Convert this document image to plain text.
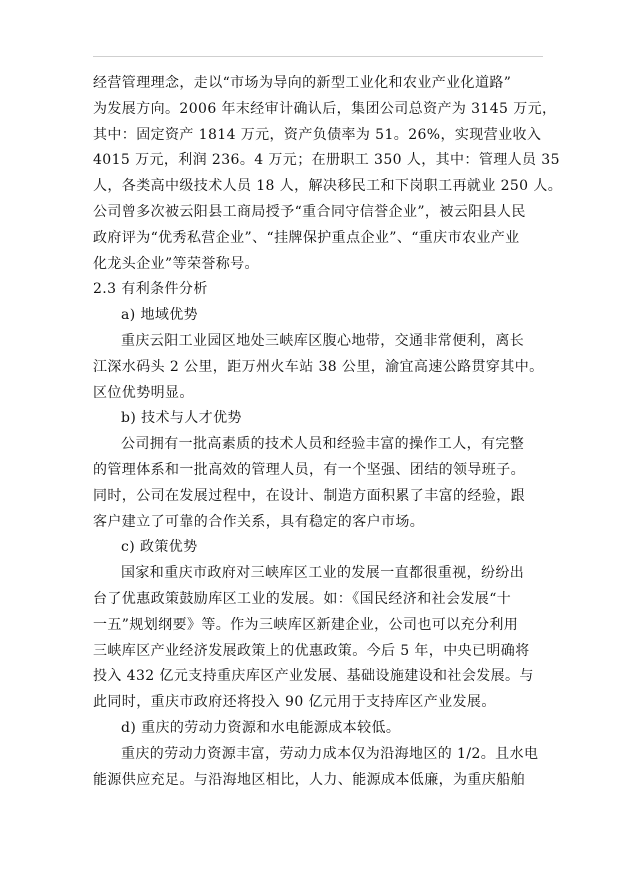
经营管理理念，走以“市场为导向的新型工业化和农业产业化道路”
为发展方向。2006 年末经审计确认后，集团公司总资产为 3145 万元，
其中：固定资产 1814 万元，资产负债率为 51。26%，实现营业收入
4015 万元，利润 236。4 万元；在册职工 350 人，其中：管理人员 35
人，各类高中级技术人员 18 人，解决移民工和下岗职工再就业 250 人。
公司曾多次被云阳县工商局授予“重合同守信誉企业”，被云阳县人民
政府评为“优秀私营企业”、“挂牌保护重点企业”、“重庆市农业产业
化龙头企业”等荣誉称号。
2.3 有利条件分析
a) 地域优势
重庆云阳工业园区地处三峡库区腹心地带，交通非常便利，离长
江深水码头 2 公里，距万州火车站 38 公里，渝宜高速公路贯穿其中。
区位优势明显。
b) 技术与人才优势
公司拥有一批高素质的技术人员和经验丰富的操作工人，有完整
的管理体系和一批高效的管理人员，有一个坚强、团结的领导班子。
同时，公司在发展过程中，在设计、制造方面积累了丰富的经验，跟
客户建立了可靠的合作关系，具有稳定的客户市场。
c) 政策优势
国家和重庆市政府对三峡库区工业的发展一直都很重视，纷纷出
台了优惠政策鼓励库区工业的发展。如：《国民经济和社会发展“十
一五”规划纲要》等。作为三峡库区新建企业，公司也可以充分利用
三峡库区产业经济发展政策上的优惠政策。今后 5 年，中央已明确将
投入 432 亿元支持重庆库区产业发展、基础设施建设和社会发展。与
此同时，重庆市政府还将投入 90 亿元用于支持库区产业发展。
d) 重庆的劳动力资源和水电能源成本较低。
重庆的劳动力资源丰富，劳动力成本仅为沿海地区的 1/2。且水电
能源供应充足。与沿海地区相比，人力、能源成本低廉，为重庆船舶
